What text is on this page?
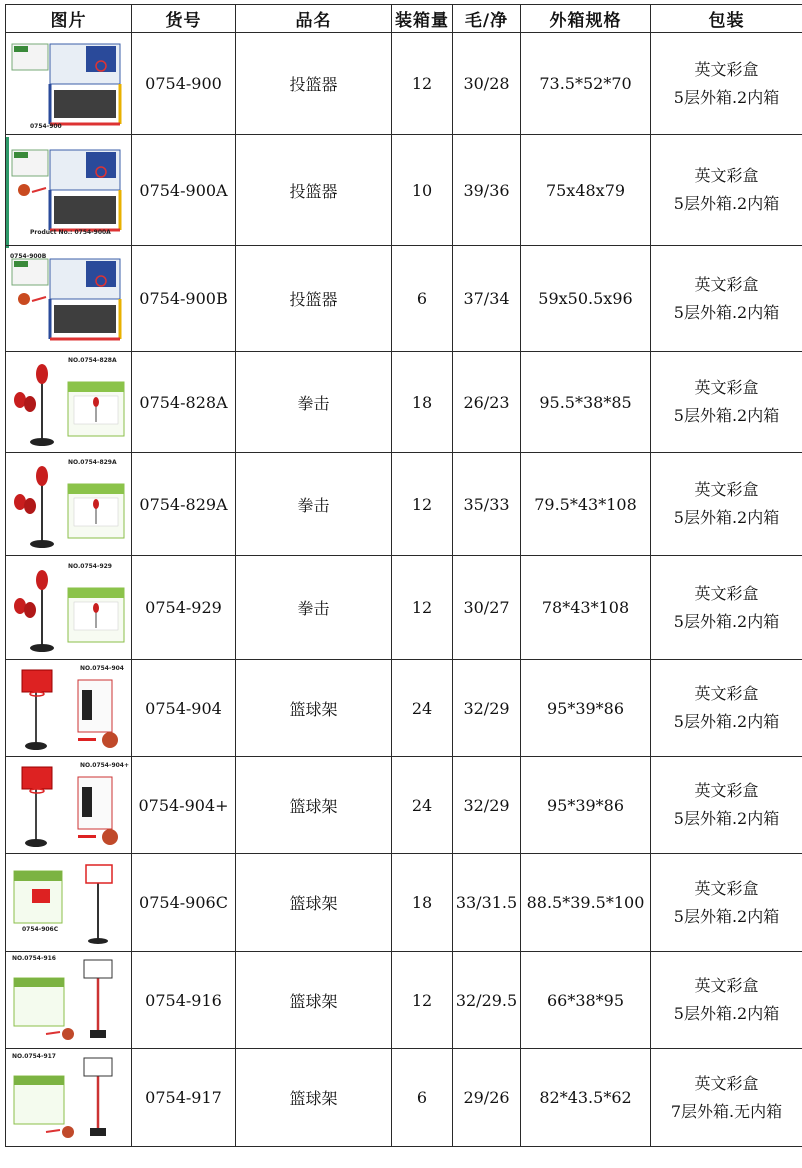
图片	货号	品名	装箱量	毛/净	外箱规格	包装

0754-900	0754-900	投篮器	12	30/28	73.5*52*70	英文彩盒
5层外箱.2内箱

Product No.: 0754-900A	0754-900A	投篮器	10	39/36	75x48x79	英文彩盒
5层外箱.2内箱

0754-900B	0754-900B	投篮器	6	37/34	59x50.5x96	英文彩盒
5层外箱.2内箱

NO.0754-828A	0754-828A	拳击	18	26/23	95.5*38*85	英文彩盒
5层外箱.2内箱

NO.0754-829A	0754-829A	拳击	12	35/33	79.5*43*108	英文彩盒
5层外箱.2内箱

NO.0754-929	0754-929	拳击	12	30/27	78*43*108	英文彩盒
5层外箱.2内箱

NO.0754-904	0754-904	篮球架	24	32/29	95*39*86	英文彩盒
5层外箱.2内箱

NO.0754-904+	0754-904+	篮球架	24	32/29	95*39*86	英文彩盒
5层外箱.2内箱

0754-906C	0754-906C	篮球架	18	33/31.5	88.5*39.5*100	英文彩盒
5层外箱.2内箱

NO.0754-916	0754-916	篮球架	12	32/29.5	66*38*95	英文彩盒
5层外箱.2内箱

NO.0754-917	0754-917	篮球架	6	29/26	82*43.5*62	英文彩盒
7层外箱.无内箱
